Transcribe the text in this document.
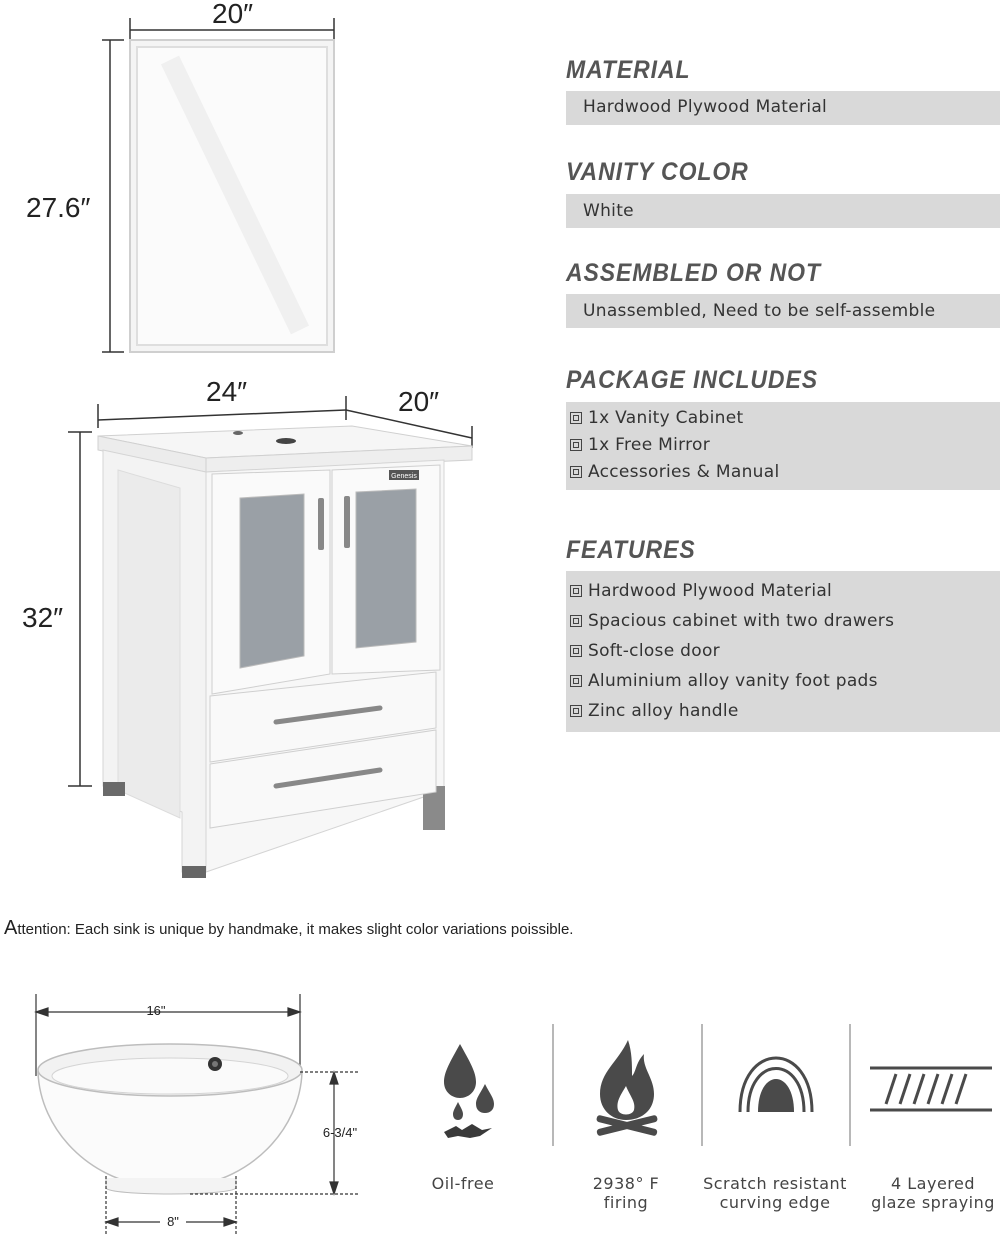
Genesis
20″
27.6″
24″	20″
32″
MATERIAL
Hardwood Plywood Material
VANITY COLOR
White
ASSEMBLED OR NOT
Unassembled, Need to be self-assemble
PACKAGE INCLUDES
1x Vanity Cabinet
1x Free Mirror
Accessories & Manual
FEATURES
Hardwood Plywood Material
Spacious cabinet with two drawers
Soft-close door
Aluminium alloy vanity foot pads
Zinc alloy handle
Attention: Each sink is unique by handmake, it makes slight color variations poissible.
16"
6-3/4"
8"
Oil-free	2938° F
firing
Scratch resistant
curving edge
4 Layered
glaze spraying
